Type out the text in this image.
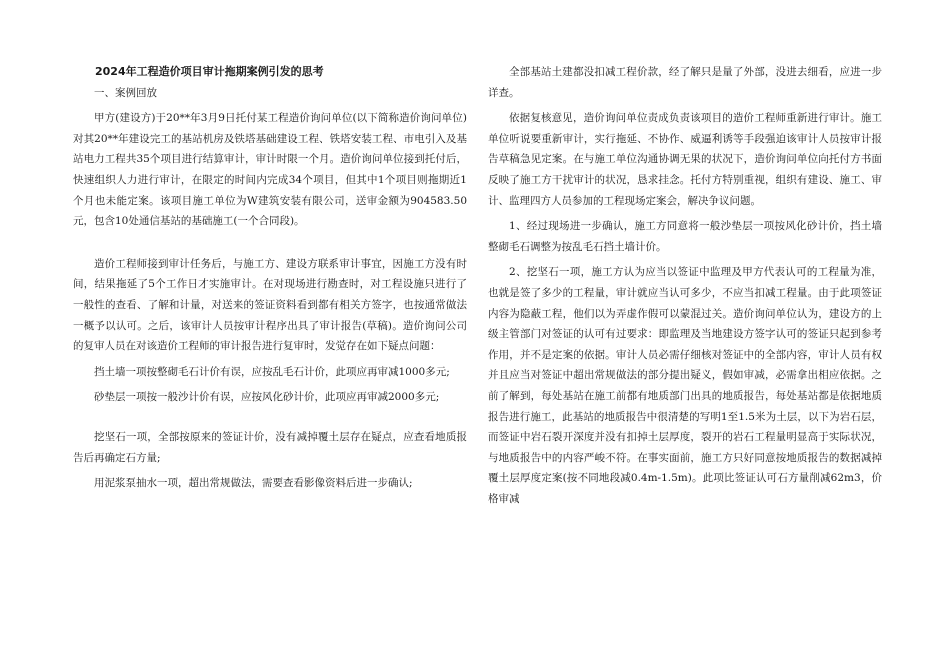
2024年工程造价项目审计拖期案例引发的思考

一、案例回放

甲方(建设方)于20**年3月9日托付某工程造价询问单位(以下简称造价询问单位)对其20**年建设完工的基站机房及铁塔基础建设工程、铁塔安装工程、市电引入及基站电力工程共35个项目进行结算审计，审计时限一个月。造价询问单位接到托付后，快速组织人力进行审计，在限定的时间内完成34个项目，但其中1个项目则拖期近1个月也未能定案。该项目施工单位为W建筑安装有限公司，送审金额为904583.50元，包含10处通信基站的基础施工(一个合同段)。

造价工程师接到审计任务后，与施工方、建设方联系审计事宜，因施工方没有时间，结果拖延了5个工作日才实施审计。在对现场进行勘查时，对工程设施只进行了一般性的查看、了解和计量，对送来的签证资料看到都有相关方签字，也按通常做法一概予以认可。之后，该审计人员按审计程序出具了审计报告(草稿)。造价询问公司的复审人员在对该造价工程师的审计报告进行复审时，发觉存在如下疑点问题：

挡土墙一项按整砌毛石计价有误，应按乱毛石计价，此项应再审减1000多元;

砂垫层一项按一般沙计价有误，应按风化砂计价，此项应再审减2000多元;

挖坚石一项，全部按原来的签证计价，没有减掉覆土层存在疑点，应查看地质报告后再确定石方量;

用泥浆泵抽水一项，超出常规做法，需要查看影像资料后进一步确认;

全部基站土建都没扣减工程价款，经了解只是量了外部，没进去细看，应进一步详查。

依据复核意见，造价询问单位责成负责该项目的造价工程师重新进行审计。施工单位听说要重新审计，实行拖延、不协作、威逼利诱等手段强迫该审计人员按审计报告草稿急见定案。在与施工单位沟通协调无果的状况下，造价询问单位向托付方书面反映了施工方干扰审计的状况，恳求挂念。托付方特别重视，组织有建设、施工、审计、监理四方人员参加的工程现场定案会，解决争议问题。

1、经过现场进一步确认，施工方同意将一般沙垫层一项按风化砂计价，挡土墙整砌毛石调整为按乱毛石挡土墙计价。

2、挖坚石一项，施工方认为应当以签证中监理及甲方代表认可的工程量为准，也就是签了多少的工程量，审计就应当认可多少，不应当扣减工程量。由于此项签证内容为隐蔽工程，他们以为弄虚作假可以蒙混过关。造价询问单位认为，建设方的上级主管部门对签证的认可有过要求：即监理及当地建设方签字认可的签证只起到参考作用，并不是定案的依据。审计人员必需仔细核对签证中的全部内容，审计人员有权并且应当对签证中超出常规做法的部分提出疑义，假如审减，必需拿出相应依据。之前了解到，每处基站在施工前都有地质部门出具的地质报告，每处基站都是依据地质报告进行施工，此基站的地质报告中很清楚的写明1至1.5米为土层，以下为岩石层，而签证中岩石裂开深度并没有扣掉土层厚度，裂开的岩石工程量明显高于实际状况，与地质报告中的内容严峻不符。在事实面前，施工方只好同意按地质报告的数据减掉覆土层厚度定案(按不同地段减0.4m-1.5m)。此项比签证认可石方量削减62m3，价格审减
